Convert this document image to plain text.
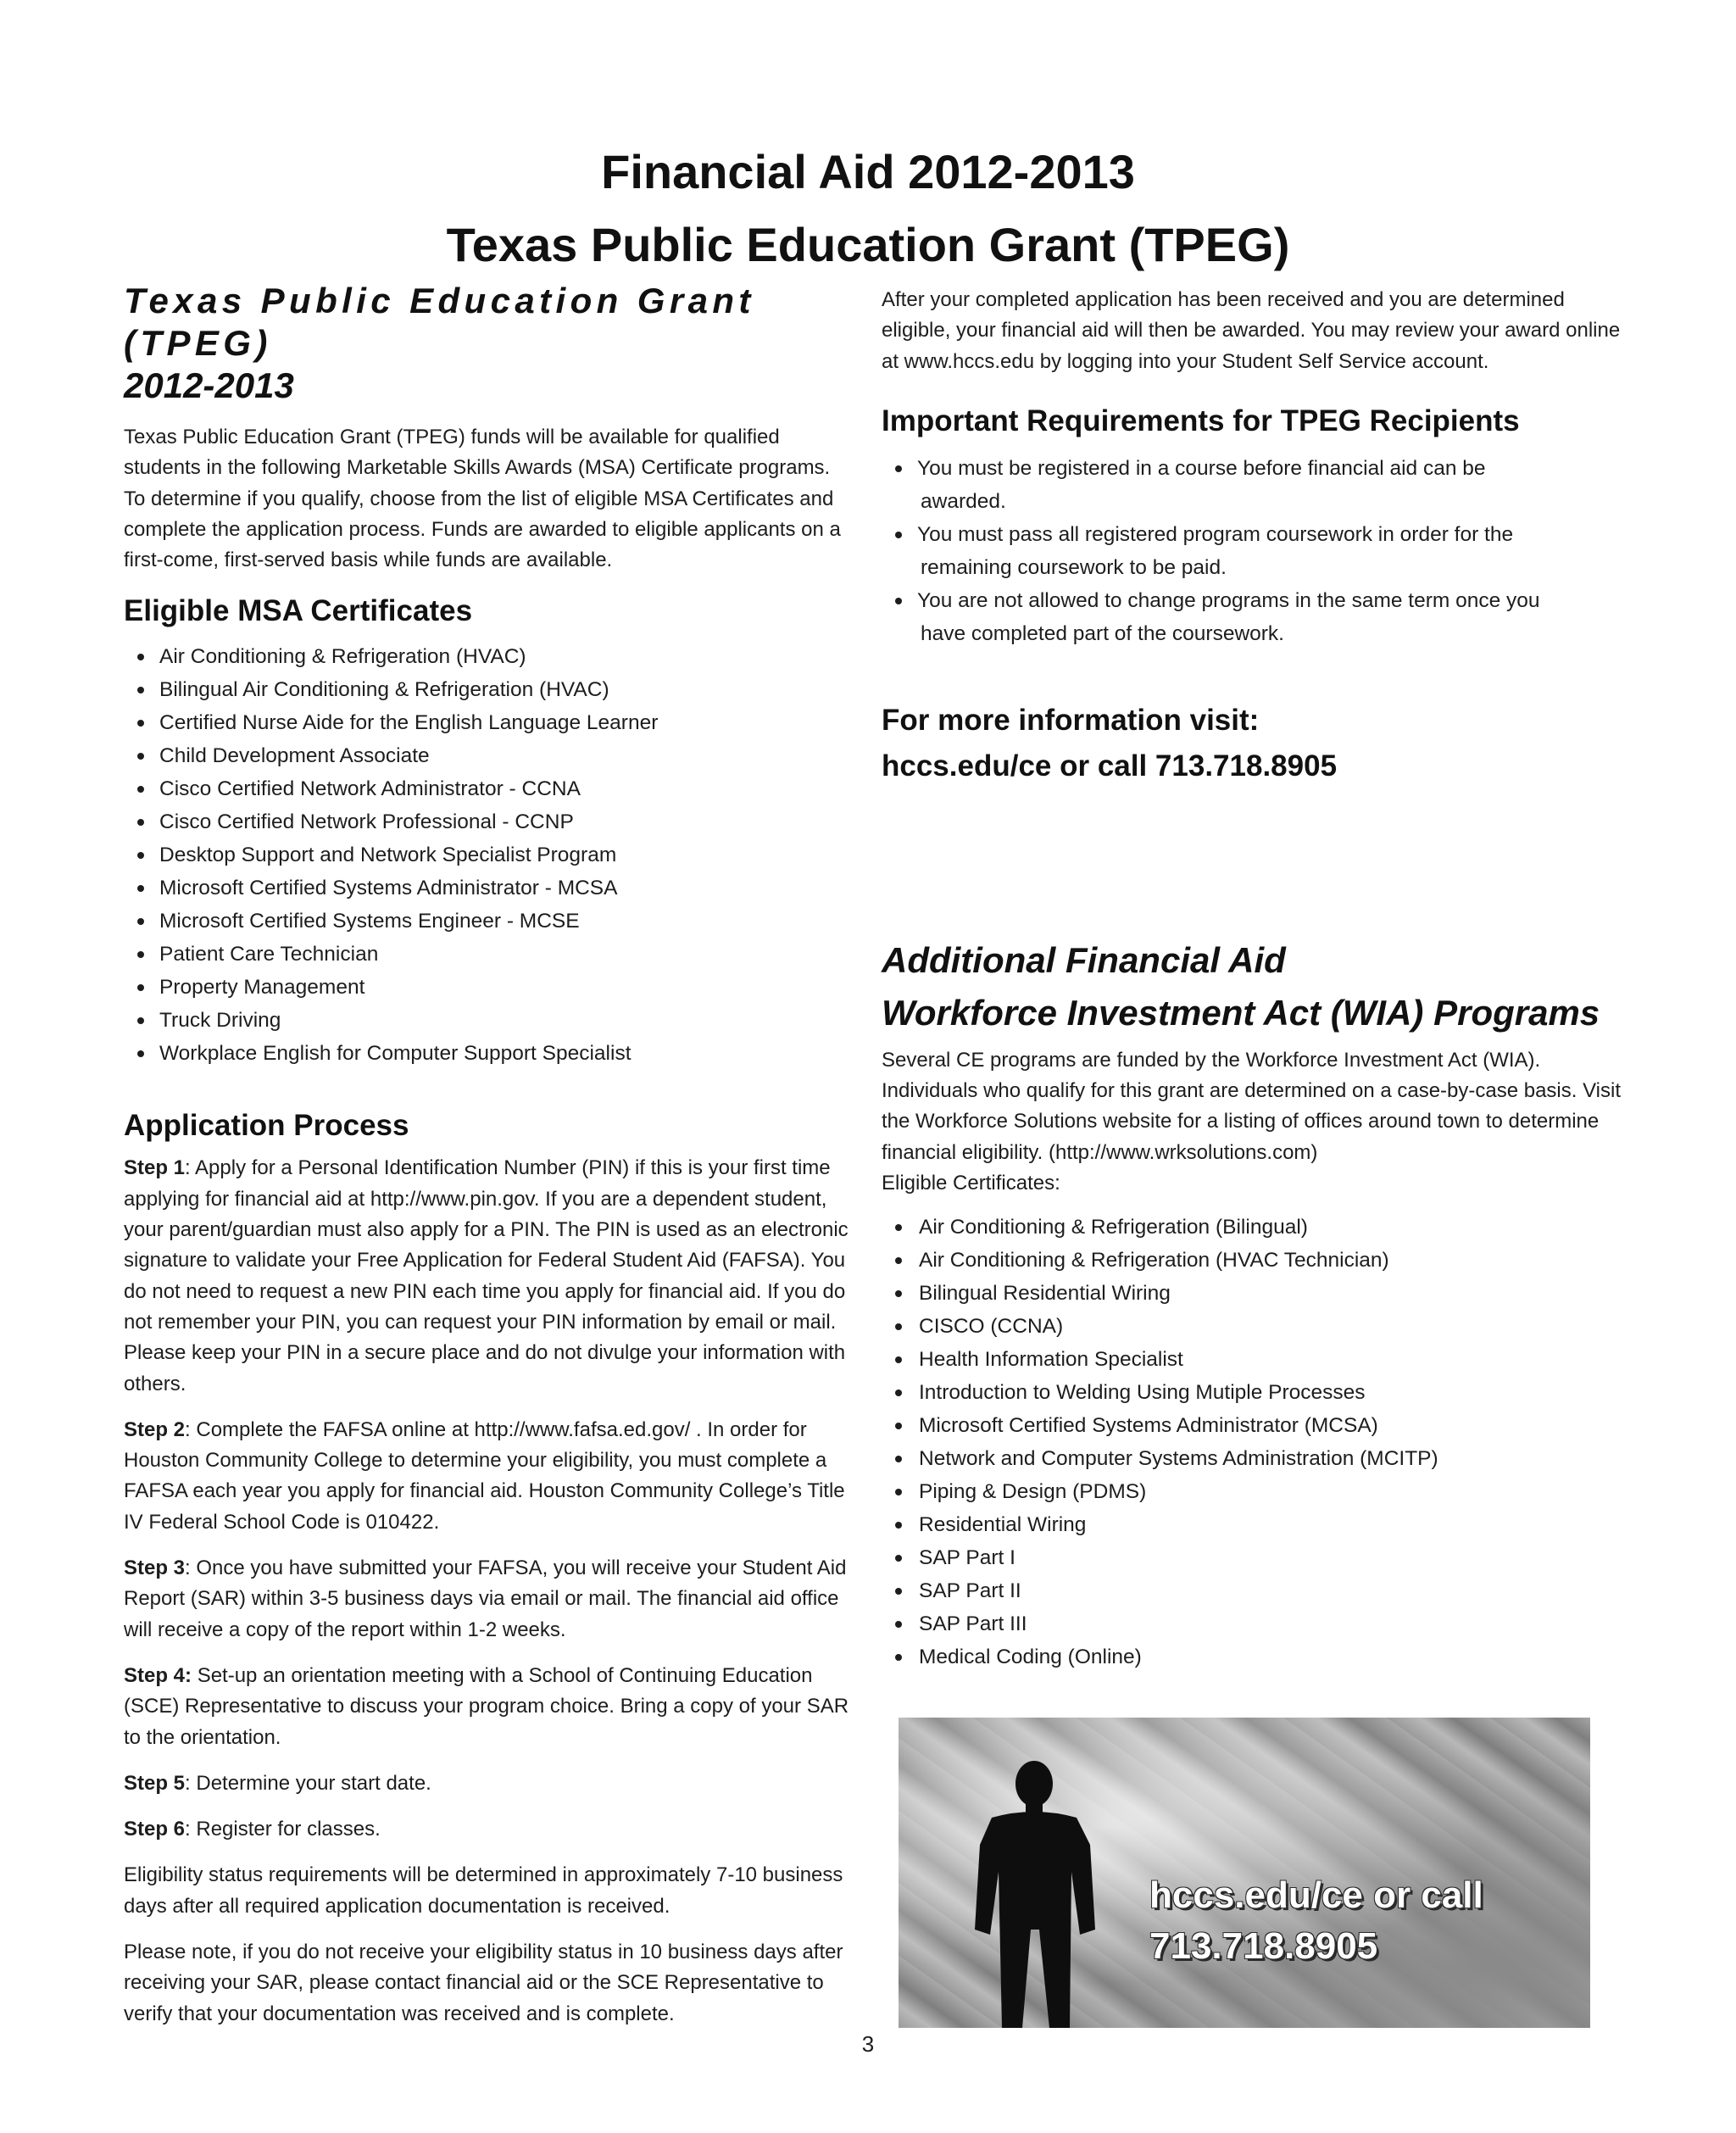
Financial Aid 2012-2013
Texas Public Education Grant (TPEG)
Texas Public Education Grant (TPEG)
2012-2013

Texas Public Education Grant (TPEG) funds will be available for qualified students in the following Marketable Skills Awards (MSA) Certificate programs. To determine if you qualify, choose from the list of eligible MSA Certificates and complete the application process. Funds are awarded to eligible applicants on a first-come, first-served basis while funds are available.

Eligible MSA Certificates
Air Conditioning & Refrigeration (HVAC)
Bilingual Air Conditioning & Refrigeration (HVAC)
Certified Nurse Aide for the English Language Learner
Child Development Associate
Cisco Certified Network Administrator - CCNA
Cisco Certified Network Professional - CCNP
Desktop Support and Network Specialist Program
Microsoft Certified Systems Administrator - MCSA
Microsoft Certified Systems Engineer - MCSE
Patient Care Technician
Property Management
Truck Driving
Workplace English for Computer Support Specialist
Application Process

Step 1: Apply for a Personal Identification Number (PIN) if this is your first time applying for financial aid at http://www.pin.gov. If you are a dependent student, your parent/guardian must also apply for a PIN. The PIN is used as an electronic signature to validate your Free Application for Federal Student Aid (FAFSA). You do not need to request a new PIN each time you apply for financial aid. If you do not remember your PIN, you can request your PIN information by email or mail. Please keep your PIN in a secure place and do not divulge your information with others.

Step 2: Complete the FAFSA online at http://www.fafsa.ed.gov/ . In order for Houston Community College to determine your eligibility, you must complete a FAFSA each year you apply for financial aid. Houston Community College’s Title IV Federal School Code is 010422.

Step 3: Once you have submitted your FAFSA, you will receive your Student Aid Report (SAR) within 3-5 business days via email or mail. The financial aid office will receive a copy of the report within 1-2 weeks.

Step 4: Set-up an orientation meeting with a School of Continuing Education (SCE) Representative to discuss your program choice. Bring a copy of your SAR to the orientation.

Step 5: Determine your start date.

Step 6: Register for classes.

Eligibility status requirements will be determined in approximately 7-10 business days after all required application documentation is received.

Please note, if you do not receive your eligibility status in 10 business days after receiving your SAR, please contact financial aid or the SCE Representative to verify that your documentation was received and is complete.

After your completed application has been received and you are determined eligible, your financial aid will then be awarded. You may review your award online at www.hccs.edu by logging into your Student Self Service account.

Important Requirements for TPEG Recipients
You must be registered in a course before financial aid can be
awarded.
You must pass all registered program coursework in order for the
remaining coursework to be paid.
You are not allowed to change programs in the same term once you
have completed part of the coursework.
For more information visit:
hccs.edu/ce or call 713.718.8905
Additional Financial Aid
Workforce Investment Act (WIA) Programs

Several CE programs are funded by the Workforce Investment Act (WIA). Individuals who qualify for this grant are determined on a case-by-case basis. Visit the Workforce Solutions website for a listing of offices around town to determine financial eligibility. (http://www.wrksolutions.com)

Eligible Certificates:

Air Conditioning & Refrigeration (Bilingual)
Air Conditioning & Refrigeration (HVAC Technician)
Bilingual Residential Wiring
CISCO (CCNA)
Health Information Specialist
Introduction to Welding Using Mutiple Processes
Microsoft Certified Systems Administrator (MCSA)
Network and Computer Systems Administration (MCITP)
Piping & Design (PDMS)
Residential Wiring
SAP Part I
SAP Part II
SAP Part III
Medical Coding (Online)
hccs.edu/ce or call
713.718.8905
3
